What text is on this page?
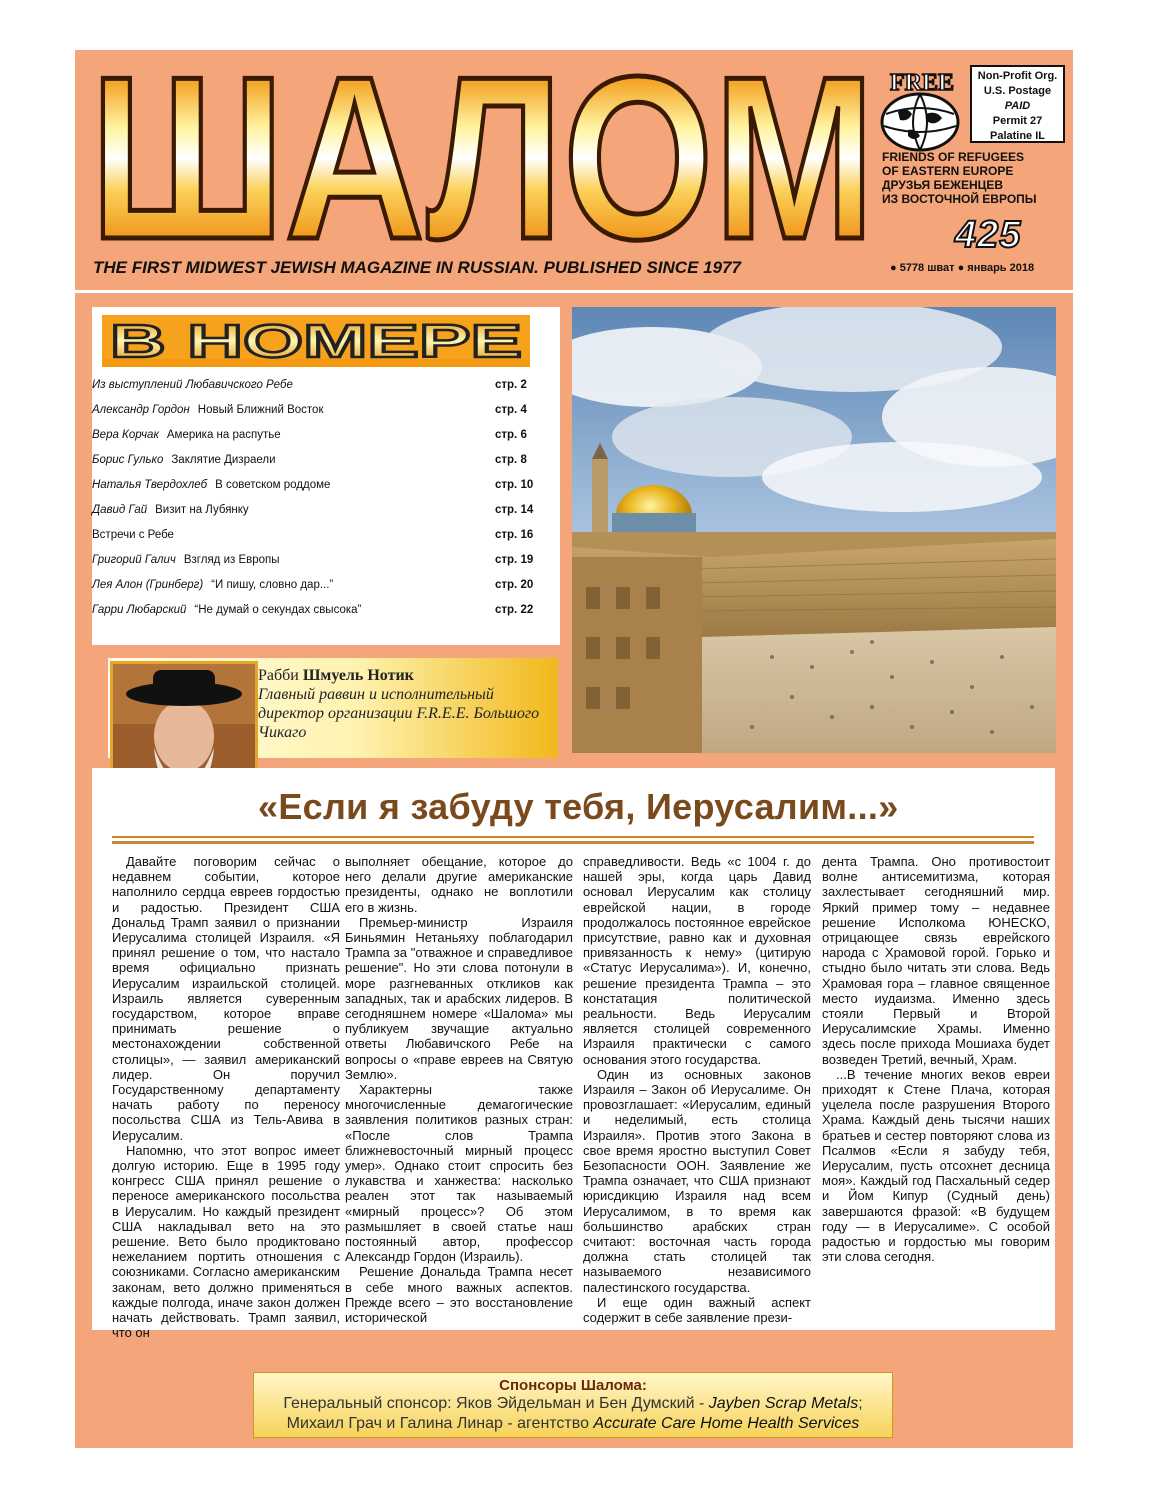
ШАЛОМ FREE	Non-Profit Org.
U.S. Postage
PAID
Permit 27
Palatine IL
FRIENDS OF REFUGEES
OF EASTERN EUROPE
ДРУЗЬЯ БЕЖЕНЦЕВ
ИЗ ВОСТОЧНОЙ ЕВРОПЫ
425
THE FIRST MIDWEST JEWISH MAGAZINE IN RUSSIAN. PUBLISHED SINCE 1977	● 5778 шват ● январь 2018
В НОМЕРЕ
Из выступлений Любавичского Ребе	стр. 2
Александр Гордон Новый Ближний Восток	стр. 4
Вера Корчак Америка на распутье	стр. 6
Борис Гулько Заклятие Дизраели	стр. 8
Наталья Твердохлеб В советском роддоме	стр. 10
Давид Гай Визит на Лубянку	стр. 14
Встречи с Ребе	стр. 16
Григорий Галич Взгляд из Европы	стр. 19
Лея Алон (Гринберг) “И пишу, словно дар...”	стр. 20
Гарри Любарский “Не думай о секундах свысока”	стр. 22
Рабби Шмуель Нотик
Главный раввин и исполнительный директор организации F.R.E.E. Большого Чикаго
«Если я забуду тебя, Иерусалим...»

Давайте поговорим сейчас о недавнем событии, которое наполнило сердца евреев гордостью и радостью. Президент США Дональд Трамп заявил о признании Иерусалима столицей Израиля. «Я принял решение о том, что настало время официально признать Иерусалим израильской столицей. Израиль является суверенным государством, которое вправе принимать решение о местонахождении собственной столицы», — заявил американский лидер. Он поручил Государственному департаменту начать работу по переносу посольства США из Тель-Авива в Иерусалим.

Напомню, что этот вопрос имеет долгую историю. Еще в 1995 году конгресс США принял решение о переносе американского посольства в Иерусалим. Но каждый президент США накладывал вето на это решение. Вето было продиктовано нежеланием портить отношения с союзниками. Согласно американским законам, вето должно применяться каждые полгода, иначе закон должен начать действовать. Трамп заявил, что он

выполняет обещание, которое до него делали другие американские президенты, однако не воплотили его в жизнь.

Премьер-министр Израиля Биньямин Нетаньяху поблагодарил Трампа за "отважное и справедливое решение". Но эти слова потонули в море разгневанных откликов как западных, так и арабских лидеров. В сегодняшнем номере «Шалома» мы публикуем звучащие актуально ответы Любавичского Ребе на вопросы о «праве евреев на Святую Землю».

Характерны также многочисленные демагогические заявления политиков разных стран: «После слов Трампа ближневосточный мирный процесс умер». Однако стоит спросить без лукавства и ханжества: насколько реален этот так называемый «мирный процесс»? Об этом размышляет в своей статье наш постоянный автор, профессор Александр Гордон (Израиль).

Решение Дональда Трампа несет в себе много важных аспектов. Прежде всего – это восстановление исторической

справедливости. Ведь «с 1004 г. до нашей эры, когда царь Давид основал Иерусалим как столицу еврейской нации, в городе продолжалось постоянное еврейское присутствие, равно как и духовная привязанность к нему» (цитирую «Статус Иерусалима»). И, конечно, решение президента Трампа – это констатация политической реальности. Ведь Иерусалим является столицей современного Израиля практически с самого основания этого государства.

Один из основных законов Израиля – Закон об Иерусалиме. Он провозглашает: «Иерусалим, единый и неделимый, есть столица Израиля». Против этого Закона в свое время яростно выступил Совет Безопасности ООН. Заявление же Трампа означает, что США признают юрисдикцию Израиля над всем Иерусалимом, в то время как большинство арабских стран считают: восточная часть города должна стать столицей так называемого независимого палестинского государства.

И еще один важный аспект содержит в себе заявление прези-

дента Трампа. Оно противостоит волне антисемитизма, которая захлестывает сегодняшний мир. Яркий пример тому – недавнее решение Исполкома ЮНЕСКО, отрицающее связь еврейского народа с Храмовой горой. Горько и стыдно было читать эти слова. Ведь Храмовая гора – главное священное место иудаизма. Именно здесь стояли Первый и Второй Иерусалимские Храмы. Именно здесь после прихода Мошиаха будет возведен Третий, вечный, Храм.

...В течение многих веков евреи приходят к Стене Плача, которая уцелела после разрушения Второго Храма. Каждый день тысячи наших братьев и сестер повторяют слова из Псалмов «Если я забуду тебя, Иерусалим, пусть отсохнет десница моя». Каждый год Пасхальный седер и Йом Кипур (Судный день) завершаются фразой: «В будущем году — в Иерусалиме». С особой радостью и гордостью мы говорим эти слова сегодня.

Спонсоры Шалома:
Генеральный спонсор: Яков Эйдельман и Бен Думский - Jayben Scrap Metals;
Михаил Грач и Галина Линар - агентство Accurate Care Home Health Services
